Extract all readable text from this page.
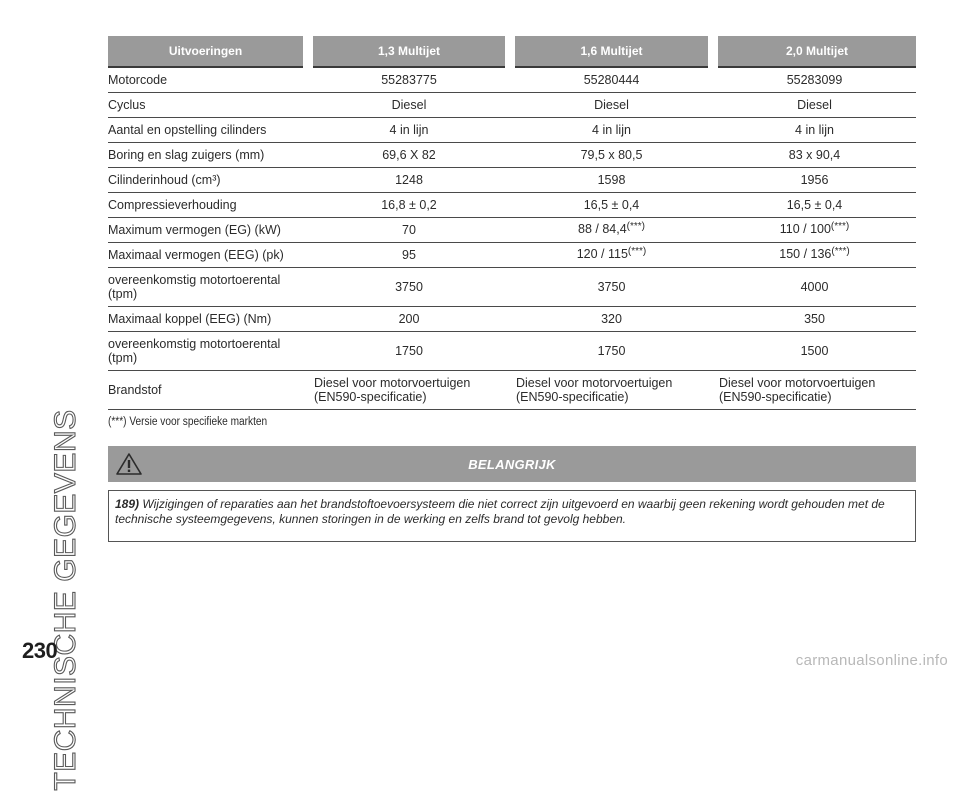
TECHNISCHE GEGEVENS
Uitvoeringen	1,3 Multijet	1,6 Multijet	2,0 Multijet
Motorcode	55283775	55280444	55283099
Cyclus	Diesel	Diesel	Diesel
Aantal en opstelling cilinders	4 in lijn	4 in lijn	4 in lijn
Boring en slag zuigers (mm)	69,6 X 82	79,5 x 80,5	83 x 90,4
Cilinderinhoud (cm³)	1248	1598	1956
Compressieverhouding	16,8 ± 0,2	16,5 ± 0,4	16,5 ± 0,4
Maximum vermogen (EG) (kW)	70	88 / 84,4(***)	110 / 100(***)
Maximaal vermogen (EEG) (pk)	95	120 / 115(***)	150 / 136(***)
overeenkomstig motortoerental (tpm)	3750	3750	4000
Maximaal koppel (EEG) (Nm)	200	320	350
overeenkomstig motortoerental (tpm)	1750	1750	1500
Brandstof	Diesel voor motorvoertuigen (EN590-specificatie)	Diesel voor motorvoertuigen (EN590-specificatie)	Diesel voor motorvoertuigen (EN590-specificatie)
(***) Versie voor specifieke markten
BELANGRIJK
189) Wijzigingen of reparaties aan het brandstoftoevoersysteem die niet correct zijn uitgevoerd en waarbij geen rekening wordt gehouden met de technische systeemgegevens, kunnen storingen in de werking en zelfs brand tot gevolg hebben.
230	carmanualsonline.info
